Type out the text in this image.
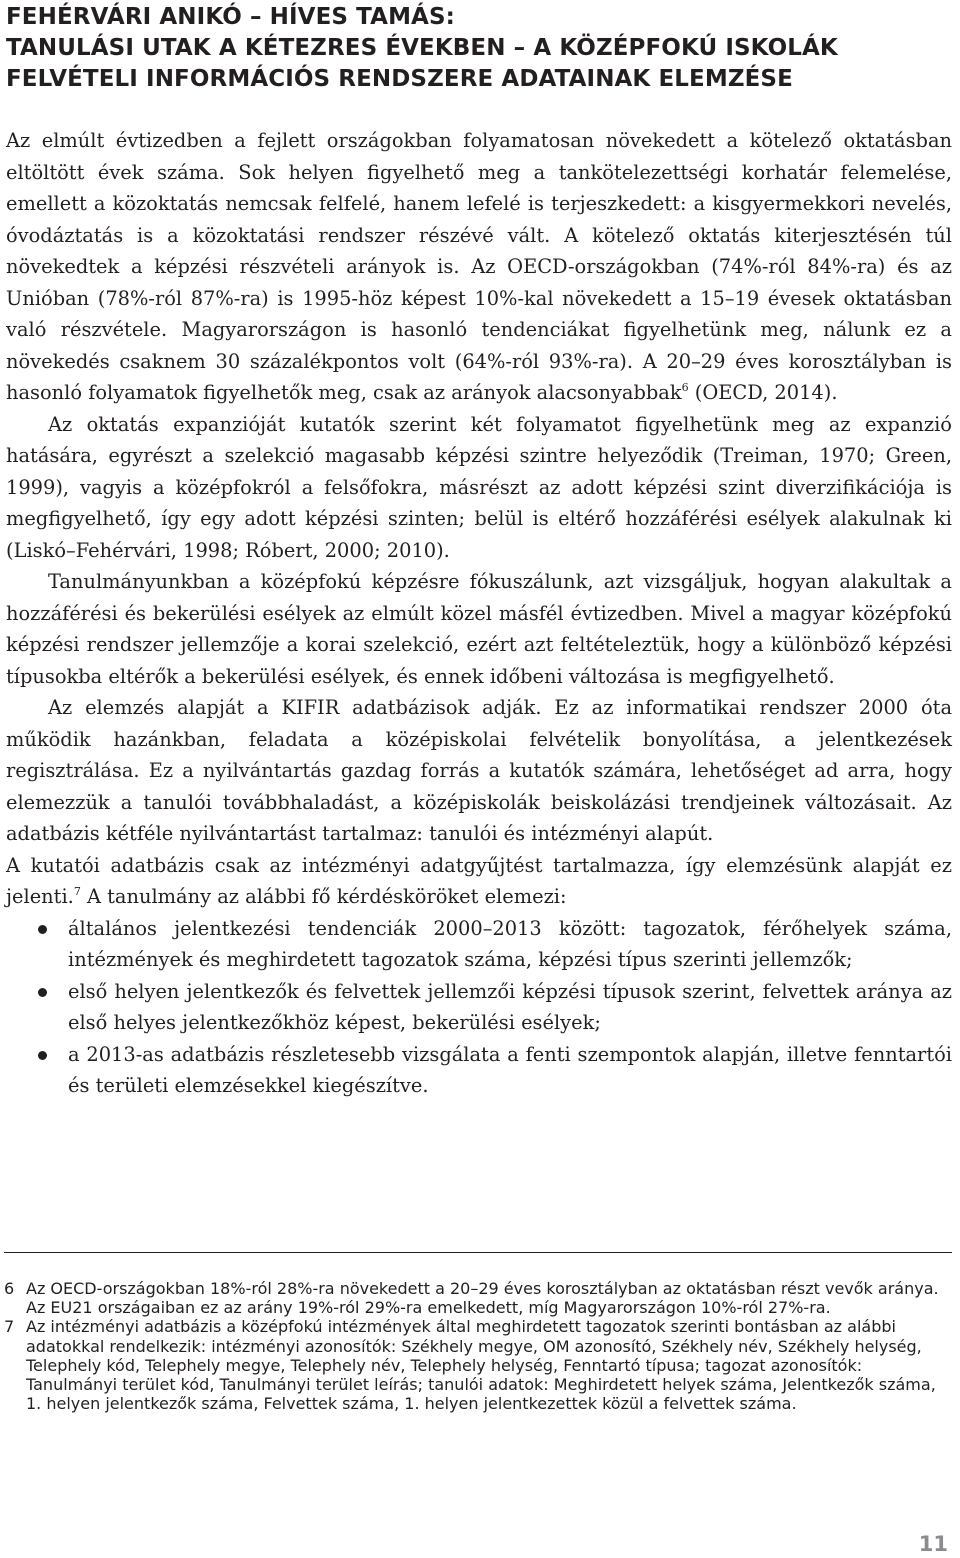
FEHÉRVÁRI ANIKÓ – HÍVES TAMÁS:
TANULÁSI UTAK A KÉTEZRES ÉVEKBEN – A KÖZÉPFOKÚ ISKOLÁK
FELVÉTELI INFORMÁCIÓS RENDSZERE ADATAINAK ELEMZÉSE

Az elmúlt évtizedben a fejlett országokban folyamatosan növekedett a kötelező oktatásban eltöltött évek száma. Sok helyen figyelhető meg a tankötelezettségi korhatár felemelése, emellett a közoktatás nemcsak felfelé, hanem lefelé is terjeszkedett: a kisgyermekkori nevelés, óvodáztatás is a közoktatási rendszer részévé vált. A kötelező oktatás kiterjesztésén túl növekedtek a képzési részvételi arányok is. Az OECD-országokban (74%-ról 84%-ra) és az Unióban (78%-ról 87%-ra) is 1995-höz képest 10%-kal növekedett a 15–19 évesek oktatásban való részvétele. Magyarországon is hasonló tendenciákat figyelhetünk meg, nálunk ez a növekedés csaknem 30 százalékpontos volt (64%-ról 93%-ra). A 20–29 éves korosztályban is hasonló folyamatok figyelhetők meg, csak az arányok alacsonyabbak$^6$ (OECD, 2014).

Az oktatás expanzióját kutatók szerint két folyamatot figyelhetünk meg az expanzió hatására, egyrészt a szelekció magasabb képzési szintre helyeződik (Treiman, 1970; Green, 1999), vagyis a középfokról a felsőfokra, másrészt az adott képzési szint diverzifikációja is megfigyelhető, így egy adott képzési szinten; belül is eltérő hozzáférési esélyek alakulnak ki (Liskó–Fehérvári, 1998; Róbert, 2000; 2010).

Tanulmányunkban a középfokú képzésre fókuszálunk, azt vizsgáljuk, hogyan alakultak a hozzáférési és bekerülési esélyek az elmúlt közel másfél évtizedben. Mivel a magyar középfokú képzési rendszer jellemzője a korai szelekció, ezért azt feltételeztük, hogy a különböző képzési típusokba eltérők a bekerülési esélyek, és ennek időbeni változása is megfigyelhető.

Az elemzés alapját a KIFIR adatbázisok adják. Ez az informatikai rendszer 2000 óta működik hazánkban, feladata a középiskolai felvételik bonyolítása, a jelentkezések regisztrálása. Ez a nyilvántartás gazdag forrás a kutatók számára, lehetőséget ad arra, hogy elemezzük a tanulói továbbhaladást, a középiskolák beiskolázási trendjeinek változásait. Az adatbázis kétféle nyilvántartást tartalmaz: tanulói és intézményi alapút.

A kutatói adatbázis csak az intézményi adatgyűjtést tartalmazza, így elemzésünk alapját ez jelenti.$^7$ A tanulmány az alábbi fő kérdésköröket elemezi:

általános jelentkezési tendenciák 2000–2013 között: tagozatok, férőhelyek száma, intézmények és meghirdetett tagozatok száma, képzési típus szerinti jellemzők;
első helyen jelentkezők és felvettek jellemzői képzési típusok szerint, felvettek aránya az első helyes jelentkezőkhöz képest, bekerülési esélyek;
a 2013-as adatbázis részletesebb vizsgálata a fenti szempontok alapján, illetve fenntartói és területi elemzésekkel kiegészítve.
6 Az OECD-országokban 18%-ról 28%-ra növekedett a 20–29 éves korosztályban az oktatásban részt vevők aránya. Az EU21 országaiban ez az arány 19%-ról 29%-ra emelkedett, míg Magyarországon 10%-ról 27%-ra.
7 Az intézményi adatbázis a középfokú intézmények által meghirdetett tagozatok szerinti bontásban az alábbi adatokkal rendelkezik: intézményi azonosítók: Székhely megye, OM azonosító, Székhely név, Székhely helység, Telephely kód, Telephely megye, Telephely név, Telephely helység, Fenntartó típusa; tagozat azonosítók: Tanulmányi terület kód, Tanulmányi terület leírás; tanulói adatok: Meghirdetett helyek száma, Jelentkezők száma, 1. helyen jelentkezők száma, Felvettek száma, 1. helyen jelentkezettek közül a felvettek száma.
11
